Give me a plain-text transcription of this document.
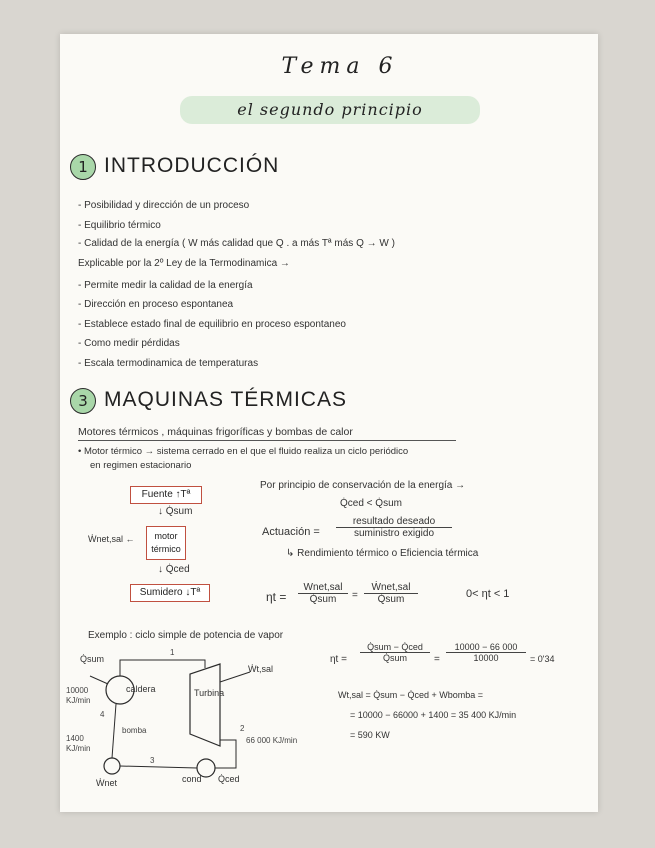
Tema 6
el segundo principio
1 INTRODUCCIÓN
- Posibilidad y dirección de un proceso
- Equilibrio térmico
- Calidad de la energía ( W más calidad que Q . a más Tª más Q → W )
Explicable por la 2º Ley de la Termodinamica →
- Permite medir la calidad de la energía
- Dirección en proceso espontanea
- Establece estado final de equilibrio en proceso espontaneo
- Como medir pérdidas
- Escala termodinamica de temperaturas
3 MAQUINAS TÉRMICAS
Motores térmicos , máquinas frigoríficas y bombas de calor
• Motor térmico → sistema cerrado en el que el fluido realiza un ciclo periódico
en regimen estacionario
Fuente ↑Tª
↓ Q̇sum
motor
térmico
Ẇnet,sal ←
↓ Q̇ced
Sumidero ↓Tª
Por principio de conservación de la energía →
Q̇ced < Q̇sum
Actuación =
resultado deseado
suministro exigido
↳ Rendimiento térmico o Eficiencia térmica
ηt =
Wnet,sal
Q̇sum	=
Ẇnet,sal
Q̇sum	0< ηt < 1
Exemplo : ciclo simple de potencia de vapor
Q̇sum
caldera	Turbina
Ẇt,sal
bomba
cond Q̇ced
Ẇnet
1
2
3
4
10000
KJ/min
66 000 KJ/min
1400
KJ/min
ηt =
Q̇sum − Q̇ced
Q̇sum	= $\frac{10000 - 66 000}{10000} = 0'34$
Wt,sal = Q̇sum − Q̇ced + Wbomba =
= 10000 − 66000 + 1400 = 35 400 KJ/min
= 590 KW
